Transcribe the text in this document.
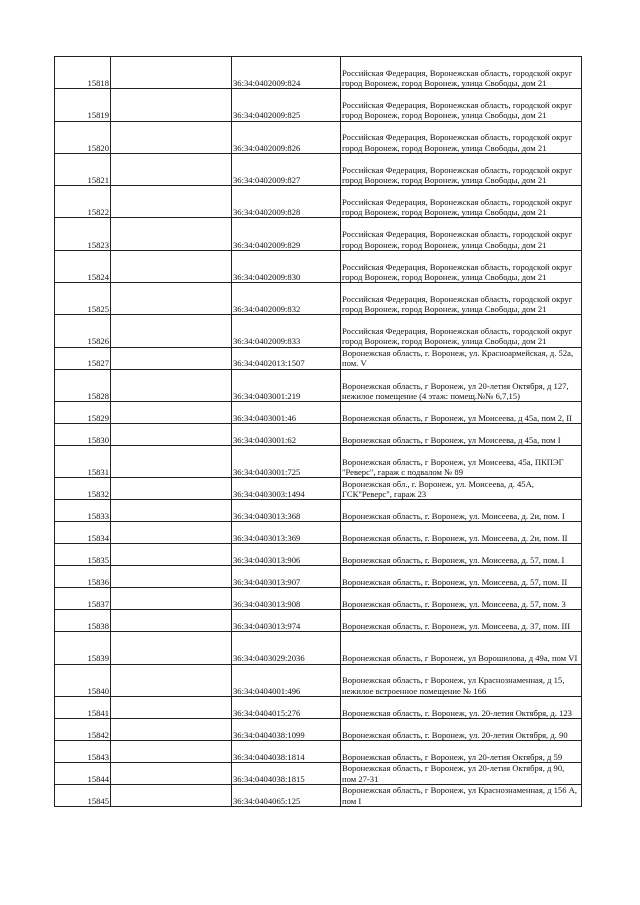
15818		36:34:0402009:824	Российская Федерация, Воронежская область, городской округ город Воронеж, город Воронеж, улица Свободы, дом 21

15819		36:34:0402009:825	Российская Федерация, Воронежская область, городской округ город Воронеж, город Воронеж, улица Свободы, дом 21

15820		36:34:0402009:826	Российская Федерация, Воронежская область, городской округ город Воронеж, город Воронеж, улица Свободы, дом 21

15821		36:34:0402009:827	Российская Федерация, Воронежская область, городской округ город Воронеж, город Воронеж, улица Свободы, дом 21

15822		36:34:0402009:828	Российская Федерация, Воронежская область, городской округ город Воронеж, город Воронеж, улица Свободы, дом 21

15823		36:34:0402009:829	Российская Федерация, Воронежская область, городской округ город Воронеж, город Воронеж, улица Свободы, дом 21

15824		36:34:0402009:830	Российская Федерация, Воронежская область, городской округ город Воронеж, город Воронеж, улица Свободы, дом 21

15825		36:34:0402009:832	Российская Федерация, Воронежская область, городской округ город Воронеж, город Воронеж, улица Свободы, дом 21

15826		36:34:0402009:833	Российская Федерация, Воронежская область, городской округ город Воронеж, город Воронеж, улица Свободы, дом 21

15827		36:34:0402013:1507	Воронежская область, г. Воронеж, ул. Красноармейская, д. 52а, пом. V

15828		36:34:0403001:219	Воронежская область, г Воронеж, ул 20-летия Октября, д 127, нежилое помещение (4 этаж: помещ.№№ 6,7,15)

15829		36:34:0403001:46	Воронежская область, г Воронеж, ул Моисеева, д 45а, пом 2, II

15830		36:34:0403001:62	Воронежская область, г Воронеж, ул Моисеева, д 45а, пом I

15831		36:34:0403001:725	Воронежская область, г Воронеж, ул Моисеева, 45а, ПКПЭГ "Реверс", гараж с подвалом № 89

15832		36:34:0403003:1494	Воронежская обл., г. Воронеж, ул. Моисеева, д. 45А, ГСК"Реверс", гараж 23

15833		36:34:0403013:368	Воронежская область, г. Воронеж, ул. Моисеева, д. 2и, пом. I

15834		36:34:0403013:369	Воронежская область, г. Воронеж, ул. Моисеева, д. 2и, пом. II

15835		36:34:0403013:906	Воронежская область, г. Воронеж, ул. Моисеева, д. 57, пом. I

15836		36:34:0403013:907	Воронежская область, г. Воронеж, ул. Моисеева, д. 57, пом. II

15837		36:34:0403013:908	Воронежская область, г. Воронеж, ул. Моисеева, д. 57, пом. 3

15838		36:34:0403013:974	Воронежская область, г. Воронеж, ул. Моисеева, д. 37, пом. III

15839		36:34:0403029:2036	Воронежская область, г Воронеж, ул Ворошилова, д 49а, пом VI

15840		36:34:0404001:496	Воронежская область, г Воронеж, ул Краснознаменная, д 15, нежилое встроенное помещение № 166

15841		36:34:0404015:276	Воронежская область, г. Воронеж, ул. 20-летия Октября, д. 123

15842		36:34:0404038:1099	Воронежская область, г. Воронеж, ул. 20-летия Октября, д. 90

15843		36:34:0404038:1814	Воронежская область, г Воронеж, ул 20-летия Октября, д 59

15844		36:34:0404038:1815	Воронежская область, г Воронеж, ул 20-летия Октября, д 90, пом 27-31

15845		36:34:0404065:125	Воронежская область, г Воронеж, ул Краснознаменная, д 156 А, пом I
